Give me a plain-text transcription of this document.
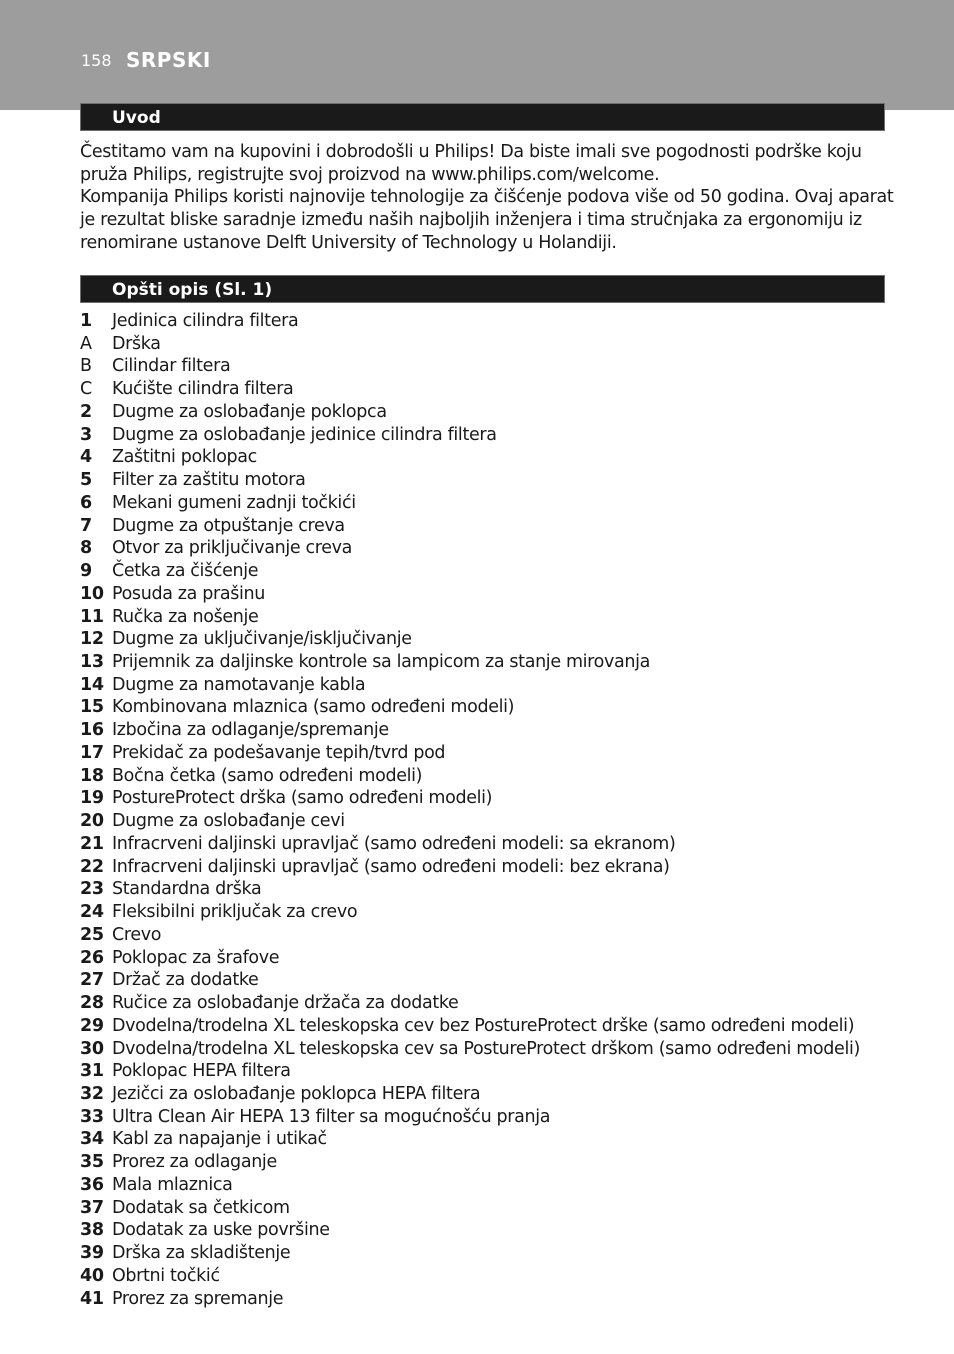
158 SRPSKI
Uvod

Čestitamo vam na kupovini i dobrodošli u Philips! Da biste imali sve pogodnosti podrške koju pruža Philips, registrujte svoj proizvod na www.philips.com/welcome.

Kompanija Philips koristi najnovije tehnologije za čišćenje podova više od 50 godina. Ovaj aparat je rezultat bliske saradnje između naših najboljih inženjera i tima stručnjaka za ergonomiju iz renomirane ustanove Delft University of Technology u Holandiji.

Opšti opis (Sl. 1)
1	Jedinica cilindra filtera
A	Drška
B	Cilindar filtera
C	Kućište cilindra filtera
2	Dugme za oslobađanje poklopca
3	Dugme za oslobađanje jedinice cilindra filtera
4	Zaštitni poklopac
5	Filter za zaštitu motora
6	Mekani gumeni zadnji točkići
7	Dugme za otpuštanje creva
8	Otvor za priključivanje creva
9	Četka za čišćenje
10 Posuda za prašinu
11 Ručka za nošenje
12 Dugme za uključivanje/isključivanje
13 Prijemnik za daljinske kontrole sa lampicom za stanje mirovanja
14 Dugme za namotavanje kabla
15 Kombinovana mlaznica (samo određeni modeli)
16 Izbočina za odlaganje/spremanje
17 Prekidač za podešavanje tepih/tvrd pod
18 Bočna četka (samo određeni modeli)
19 PostureProtect drška (samo određeni modeli)
20 Dugme za oslobađanje cevi
21 Infracrveni daljinski upravljač (samo određeni modeli: sa ekranom)
22 Infracrveni daljinski upravljač (samo određeni modeli: bez ekrana)
23 Standardna drška
24 Fleksibilni priključak za crevo
25 Crevo
26 Poklopac za šrafove
27 Držač za dodatke
28 Ručice za oslobađanje držača za dodatke
29 Dvodelna/trodelna XL teleskopska cev bez PostureProtect drške (samo određeni modeli)
30 Dvodelna/trodelna XL teleskopska cev sa PostureProtect drškom (samo određeni modeli)
31 Poklopac HEPA filtera
32 Jezičci za oslobađanje poklopca HEPA filtera
33 Ultra Clean Air HEPA 13 filter sa mogućnošću pranja
34 Kabl za napajanje i utikač
35 Prorez za odlaganje
36 Mala mlaznica
37 Dodatak sa četkicom
38 Dodatak za uske površine
39 Drška za skladištenje
40 Obrtni točkić
41 Prorez za spremanje
